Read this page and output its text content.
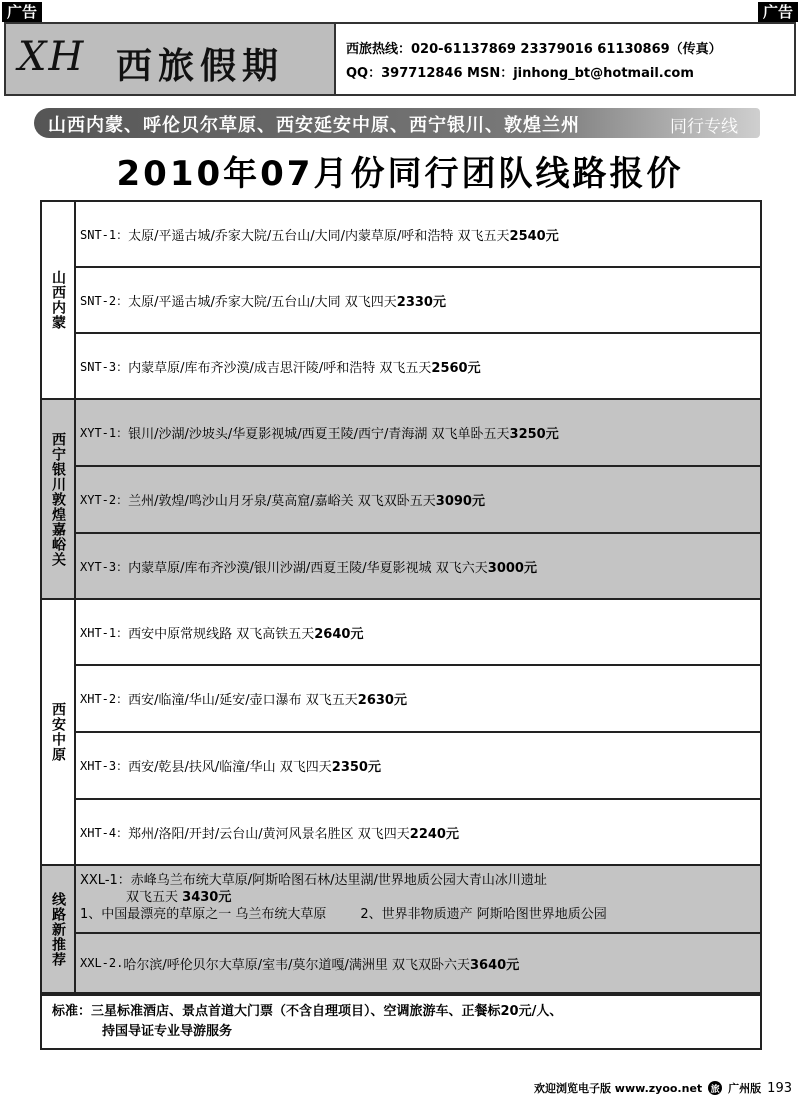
广告	广告
XH 西旅假期	西旅热线：020-61137869 23379016 61130869（传真）
QQ：397712846 MSN：jinhong_bt@hotmail.com
山西内蒙、呼伦贝尔草原、西安延安中原、西宁银川、敦煌兰州	同行专线
2010年07月份同行团队线路报价
山西内蒙
SNT-1： 太原/平遥古城/乔家大院/五台山/大同/内蒙草原/呼和浩特 双飞五天 2540元
SNT-2： 太原/平遥古城/乔家大院/五台山/大同 双飞四天 2330元
SNT-3： 内蒙草原/库布齐沙漠/成吉思汗陵/呼和浩特 双飞五天 2560元
西宁银川敦煌嘉峪关 XYT-1： 银川/沙湖/沙坡头/华夏影视城/西夏王陵/西宁/青海湖 双飞单卧五天 3250元
XYT-2： 兰州/敦煌/鸣沙山月牙泉/莫高窟/嘉峪关 双飞双卧五天 3090元
XYT-3： 内蒙草原/库布齐沙漠/银川沙湖/西夏王陵/华夏影视城 双飞六天 3000元
西安中原
XHT-1： 西安中原常规线路 双飞高铁五天 2640元
XHT-2： 西安/临潼/华山/延安/壶口瀑布 双飞五天 2630元
XHT-3： 西安/乾县/扶风/临潼/华山 双飞四天 2350元
XHT-4： 郑州/洛阳/开封/云台山/黄河风景名胜区 双飞四天 2240元
线路新推荐
XXL-1：赤峰乌兰布统大草原/阿斯哈图石林/达里湖/世界地质公园大青山冰川遗址
双飞五天 3430元
1、中国最漂亮的草原之一 乌兰布统大草原	2、世界非物质遗产 阿斯哈图世界地质公园
XXL-2. 哈尔滨/呼伦贝尔大草原/室韦/莫尔道嘎/满洲里 双飞双卧六天 3640元
标准：三星标准酒店、景点首道大门票（不含自理项目）、空调旅游车、正餐标20元/人、
持国导证专业导游服务
欢迎浏览电子版 www.zyoo.net 旅 广州版 193
